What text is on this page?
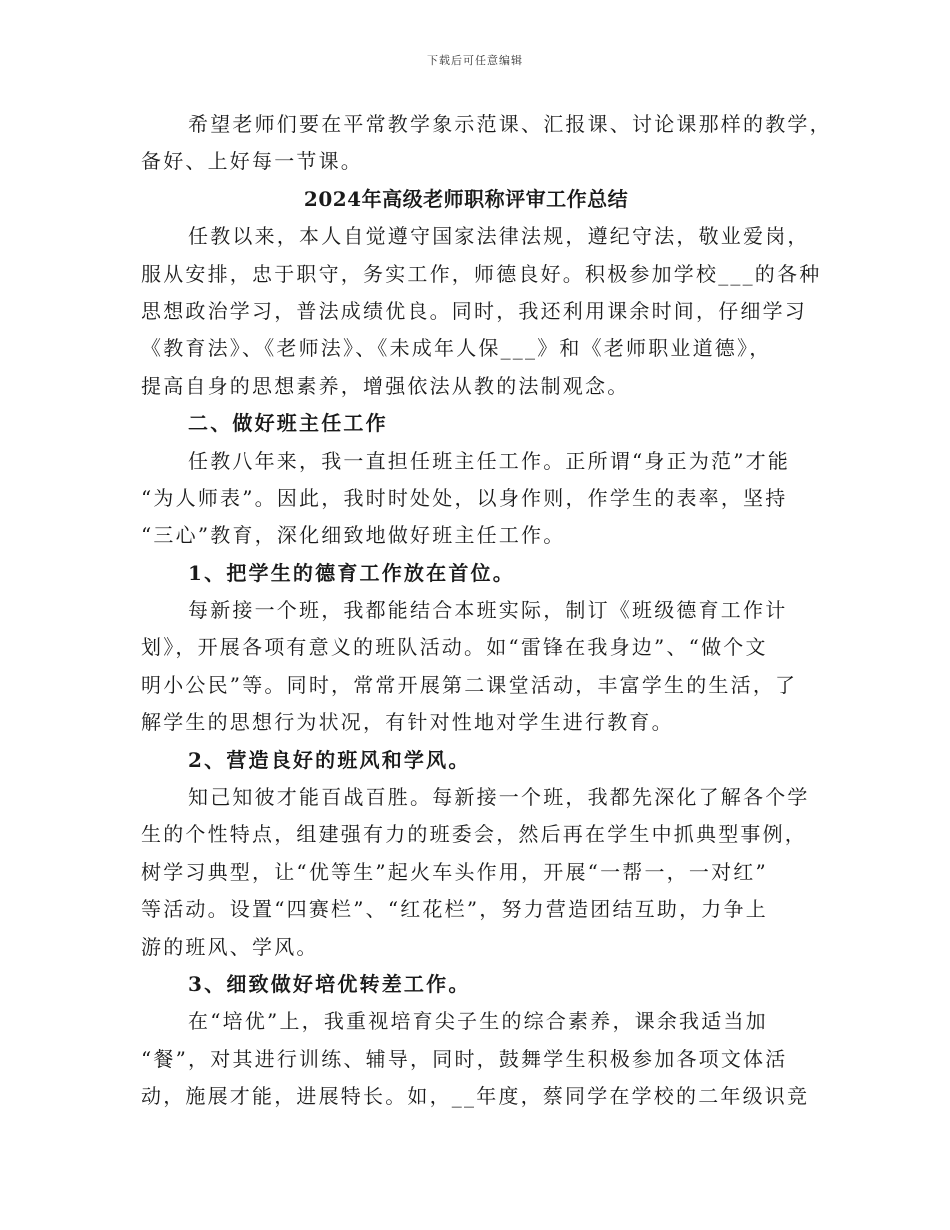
下载后可任意编辑
希望老师们要在平常教学象示范课、汇报课、讨论课那样的教学，
备好、上好每一节课。
2024年高级老师职称评审工作总结
任教以来，本人自觉遵守国家法律法规，遵纪守法，敬业爱岗，
服从安排，忠于职守，务实工作，师德良好。积极参加学校___的各种
思想政治学习，普法成绩优良。同时，我还利用课余时间，仔细学习
《教育法》、《老师法》、《未成年人保___》和《老师职业道德》，
提高自身的思想素养，增强依法从教的法制观念。
二、做好班主任工作
任教八年来，我一直担任班主任工作。正所谓“身正为范”才能
“为人师表”。因此，我时时处处，以身作则，作学生的表率，坚持
“三心”教育，深化细致地做好班主任工作。
1、把学生的德育工作放在首位。
每新接一个班，我都能结合本班实际，制订《班级德育工作计
划》，开展各项有意义的班队活动。如“雷锋在我身边”、“做个文
明小公民”等。同时，常常开展第二课堂活动，丰富学生的生活，了
解学生的思想行为状况，有针对性地对学生进行教育。
2、营造良好的班风和学风。
知己知彼才能百战百胜。每新接一个班，我都先深化了解各个学
生的个性特点，组建强有力的班委会，然后再在学生中抓典型事例，
树学习典型，让“优等生”起火车头作用，开展“一帮一，一对红”
等活动。设置“四赛栏”、“红花栏”，努力营造团结互助，力争上
游的班风、学风。
3、细致做好培优转差工作。
在“培优”上，我重视培育尖子生的综合素养，课余我适当加
“餐”，对其进行训练、辅导，同时，鼓舞学生积极参加各项文体活
动，施展才能，进展特长。如，__年度，蔡同学在学校的二年级识竞
